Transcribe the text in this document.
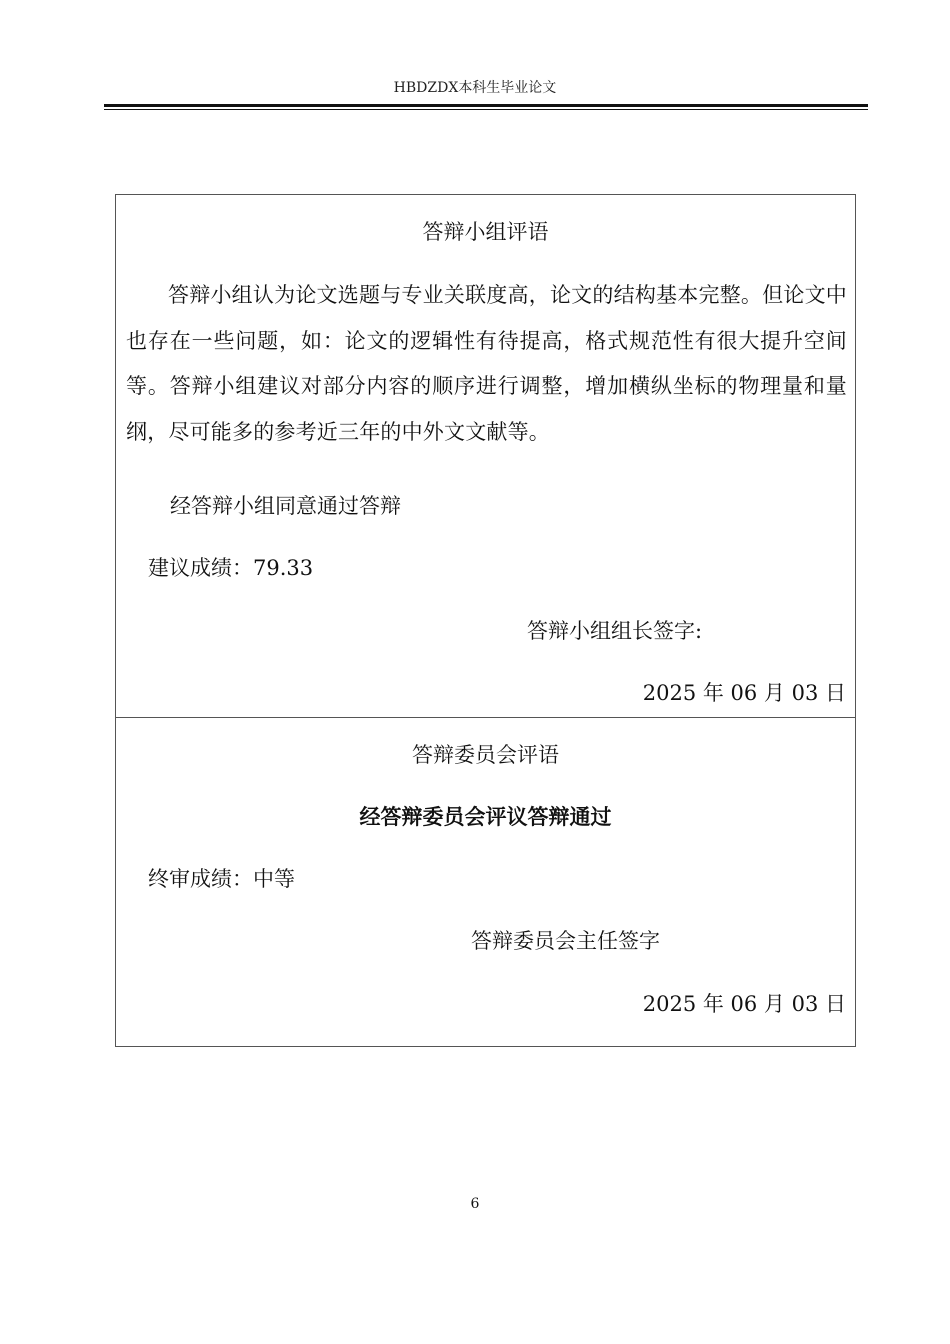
HBDZDX本科生毕业论文
答辩小组评语
答辩小组认为论文选题与专业关联度高，论文的结构基本完整。但论文中也存在一些问题，如：论文的逻辑性有待提高，格式规范性有很大提升空间等。答辩小组建议对部分内容的顺序进行调整，增加横纵坐标的物理量和量纲，尽可能多的参考近三年的中外文文献等。
经答辩小组同意通过答辩
建议成绩：79.33
答辩小组组长签字:
2025 年 06 月 03 日
答辩委员会评语
经答辩委员会评议答辩通过
终审成绩：中等
答辩委员会主任签字
2025 年 06 月 03 日
6
